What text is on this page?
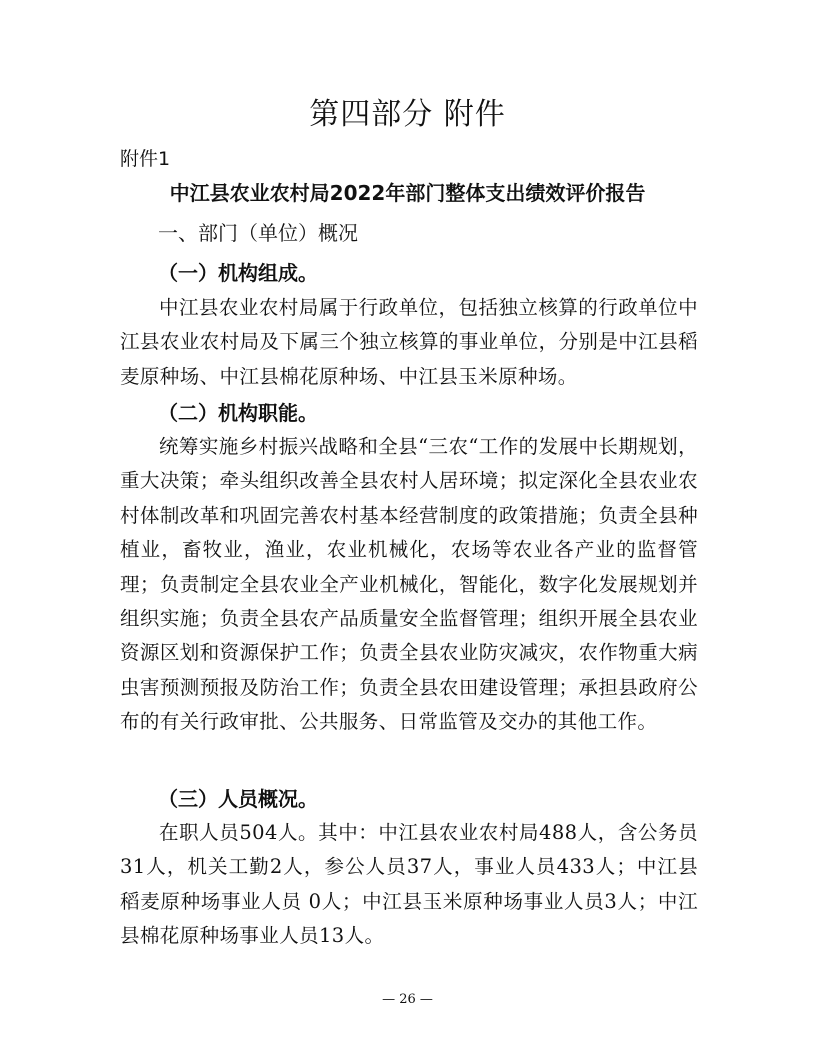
第四部分 附件

附件1

中江县农业农村局2022年部门整体支出绩效评价报告
一、部门（单位）概况
（一）机构组成。

中江县农业农村局属于行政单位，包括独立核算的行政单位中江县农业农村局及下属三个独立核算的事业单位，分别是中江县稻麦原种场、中江县棉花原种场、中江县玉米原种场。

（二）机构职能。

统筹实施乡村振兴战略和全县“三农“工作的发展中长期规划，重大决策；牵头组织改善全县农村人居环境；拟定深化全县农业农村体制改革和巩固完善农村基本经营制度的政策措施；负责全县种植业，畜牧业，渔业，农业机械化，农场等农业各产业的监督管理；负责制定全县农业全产业机械化，智能化，数字化发展规划并组织实施；负责全县农产品质量安全监督管理；组织开展全县农业资源区划和资源保护工作；负责全县农业防灾减灾，农作物重大病虫害预测预报及防治工作；负责全县农田建设管理；承担县政府公布的有关行政审批、公共服务、日常监管及交办的其他工作。

（三）人员概况。

在职人员504人。其中：中江县农业农村局488人，含公务员31人，机关工勤2人，参公人员37人，事业人员433人；中江县稻麦原种场事业人员 0人；中江县玉米原种场事业人员3人；中江县棉花原种场事业人员13人。

— 26 —
